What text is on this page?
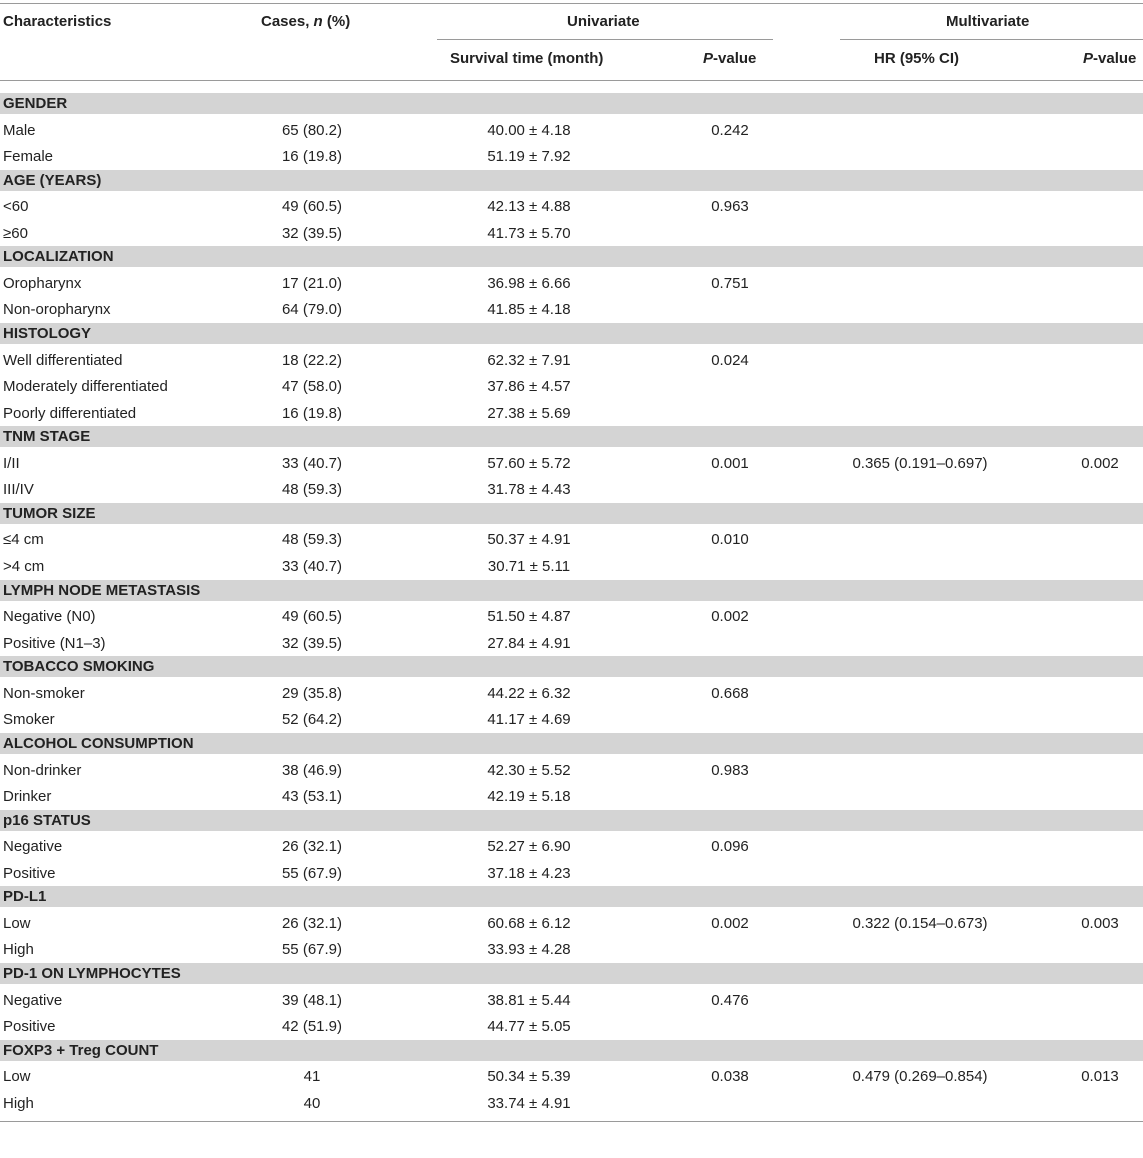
Characteristics	Cases, n (%)	Univariate	Multivariate
Survival time (month)	P-value	HR (95% CI)	P-value
GENDER
Male	65 (80.2)	40.00 ± 4.18	0.242
Female	16 (19.8)	51.19 ± 7.92
AGE (YEARS)
<60	49 (60.5)	42.13 ± 4.88	0.963
≥60	32 (39.5)	41.73 ± 5.70
LOCALIZATION
Oropharynx	17 (21.0)	36.98 ± 6.66	0.751
Non-oropharynx	64 (79.0)	41.85 ± 4.18
HISTOLOGY
Well differentiated	18 (22.2)	62.32 ± 7.91	0.024
Moderately differentiated	47 (58.0)	37.86 ± 4.57
Poorly differentiated	16 (19.8)	27.38 ± 5.69
TNM STAGE
I/II	33 (40.7)	57.60 ± 5.72	0.001	0.365 (0.191–0.697)	0.002
III/IV	48 (59.3)	31.78 ± 4.43
TUMOR SIZE
≤4 cm	48 (59.3)	50.37 ± 4.91	0.010
>4 cm	33 (40.7)	30.71 ± 5.11
LYMPH NODE METASTASIS
Negative (N0)	49 (60.5)	51.50 ± 4.87	0.002
Positive (N1–3)	32 (39.5)	27.84 ± 4.91
TOBACCO SMOKING
Non-smoker	29 (35.8)	44.22 ± 6.32	0.668
Smoker	52 (64.2)	41.17 ± 4.69
ALCOHOL CONSUMPTION
Non-drinker	38 (46.9)	42.30 ± 5.52	0.983
Drinker	43 (53.1)	42.19 ± 5.18
p16 STATUS
Negative	26 (32.1)	52.27 ± 6.90	0.096
Positive	55 (67.9)	37.18 ± 4.23
PD-L1
Low	26 (32.1)	60.68 ± 6.12	0.002	0.322 (0.154–0.673)	0.003
High	55 (67.9)	33.93 ± 4.28
PD-1 ON LYMPHOCYTES
Negative	39 (48.1)	38.81 ± 5.44	0.476
Positive	42 (51.9)	44.77 ± 5.05
FOXP3 + Treg COUNT
Low	41	50.34 ± 5.39	0.038	0.479 (0.269–0.854)	0.013
High	40	33.74 ± 4.91
